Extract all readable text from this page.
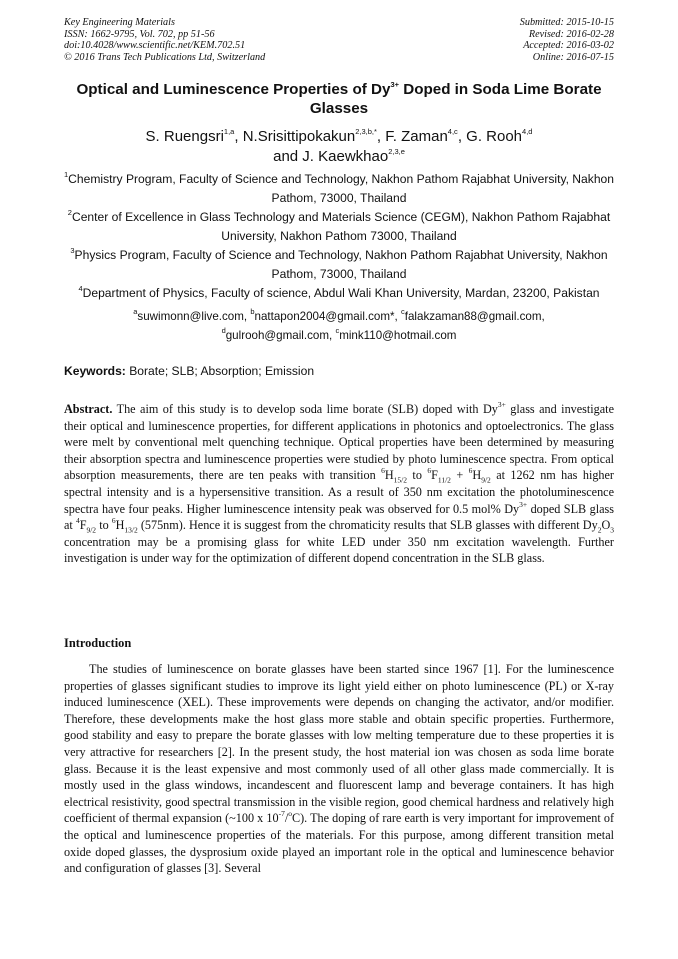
Key Engineering Materials
ISSN: 1662-9795, Vol. 702, pp 51-56
doi:10.4028/www.scientific.net/KEM.702.51
© 2016 Trans Tech Publications Ltd, Switzerland
Submitted: 2015-10-15
Revised: 2016-02-28
Accepted: 2016-03-02
Online: 2016-07-15
Optical and Luminescence Properties of $Dy^{3+}$ Doped in Soda Lime Borate Glasses
S. Ruengsri$^{1,a}$, N.Srisittipokakun$^{2,3,b,*}$, F. Zaman$^{4,c}$, G. Rooh$^{4,d}$
and J. Kaewkhao$^{2,3,e}$
$^1$Chemistry Program, Faculty of Science and Technology, Nakhon Pathom Rajabhat University, Nakhon Pathom, 73000, Thailand
$^2$Center of Excellence in Glass Technology and Materials Science (CEGM), Nakhon Pathom Rajabhat University, Nakhon Pathom 73000, Thailand
$^3$Physics Program, Faculty of Science and Technology, Nakhon Pathom Rajabhat University, Nakhon Pathom, 73000, Thailand
$^4$Department of Physics, Faculty of science, Abdul Wali Khan University, Mardan, 23200, Pakistan
$^a$suwimonn@live.com, $^b$nattapon2004@gmail.com*, $^c$falakzaman88@gmail.com,
$^d$gulrooh@gmail.com, $^c$mink110@hotmail.com
Keywords: Borate; SLB; Absorption; Emission
Abstract. The aim of this study is to develop soda lime borate (SLB) doped with $Dy^{3+}$ glass and investigate their optical and luminescence properties, for different applications in photonics and optoelectronics. The glass were melt by conventional melt quenching technique. Optical properties have been determined by measuring their absorption spectra and luminescence properties were studied by photo luminescence spectra. From optical absorption measurements, there are ten peaks with transition $^6H_{15/2}$ to $^6F_{11/2} + ^6H_{9/2}$ at 1262 nm has higher spectral intensity and is a hypersensitive transition. As a result of 350 nm excitation the photoluminescence spectra have four peaks. Higher luminescence intensity peak was observed for 0.5 mol% $Dy^{3+}$ doped SLB glass at $^4F_{9/2}$ to $^6H_{13/2}$ (575nm). Hence it is suggest from the chromaticity results that SLB glasses with different $Dy_2O_3$ concentration may be a promising glass for white LED under 350 nm excitation wavelength. Further investigation is under way for the optimization of different dopend concentration in the SLB glass.
Introduction
The studies of luminescence on borate glasses have been started since 1967 [1]. For the luminescence properties of glasses significant studies to improve its light yield either on photo luminescence (PL) or X-ray induced luminescence (XEL). These improvements were depends on changing the activator, and/or modifier. Therefore, these developments make the host glass more stable and obtain specific properties. Furthermore, good stability and easy to prepare the borate glasses with low melting temperature due to these properties it is very attractive for researchers [2]. In the present study, the host material ion was chosen as soda lime borate glass. Because it is the least expensive and most commonly used of all other glass made commercially. It is mostly used in the glass windows, incandescent and fluorescent lamp and beverage containers. It has high electrical resistivity, good spectral transmission in the visible region, good chemical hardness and relatively high coefficient of thermal expansion (~100 x $10^{-7}/^oC$). The doping of rare earth is very important for improvement of the optical and luminescence properties of the materials. For this purpose, among different transition metal oxide doped glasses, the dysprosium oxide played an important role in the optical and luminescence behavior and configuration of glasses [3]. Several
